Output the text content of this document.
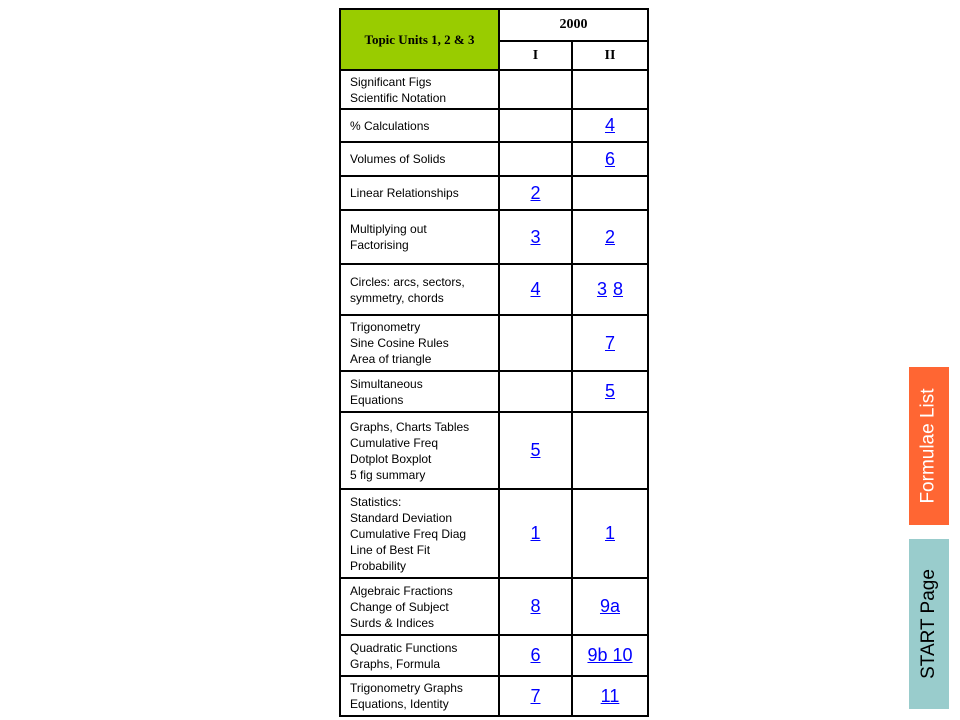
Topic Units 1, 2 & 3	2000	
	I	II

Significant Figs
Scientific Notation		

% Calculations		4

Volumes of Solids		6

Linear Relationships	2	

Multiplying out
Factorising	3	2

Circles: arcs, sectors,
symmetry, chords	4	3 8

Trigonometry
Sine Cosine Rules
Area of triangle		7

Simultaneous
Equations		5

Graphs, Charts Tables
Cumulative Freq
Dotplot Boxplot
5 fig summary	5	

Statistics:
Standard Deviation
Cumulative Freq Diag
Line of Best Fit
Probability	1	1

Algebraic Fractions
Change of Subject
Surds & Indices	8	9a

Quadratic Functions
Graphs, Formula	6	9b 10

Trigonometry Graphs
Equations, Identity	7	11
Formulae List
START Page
